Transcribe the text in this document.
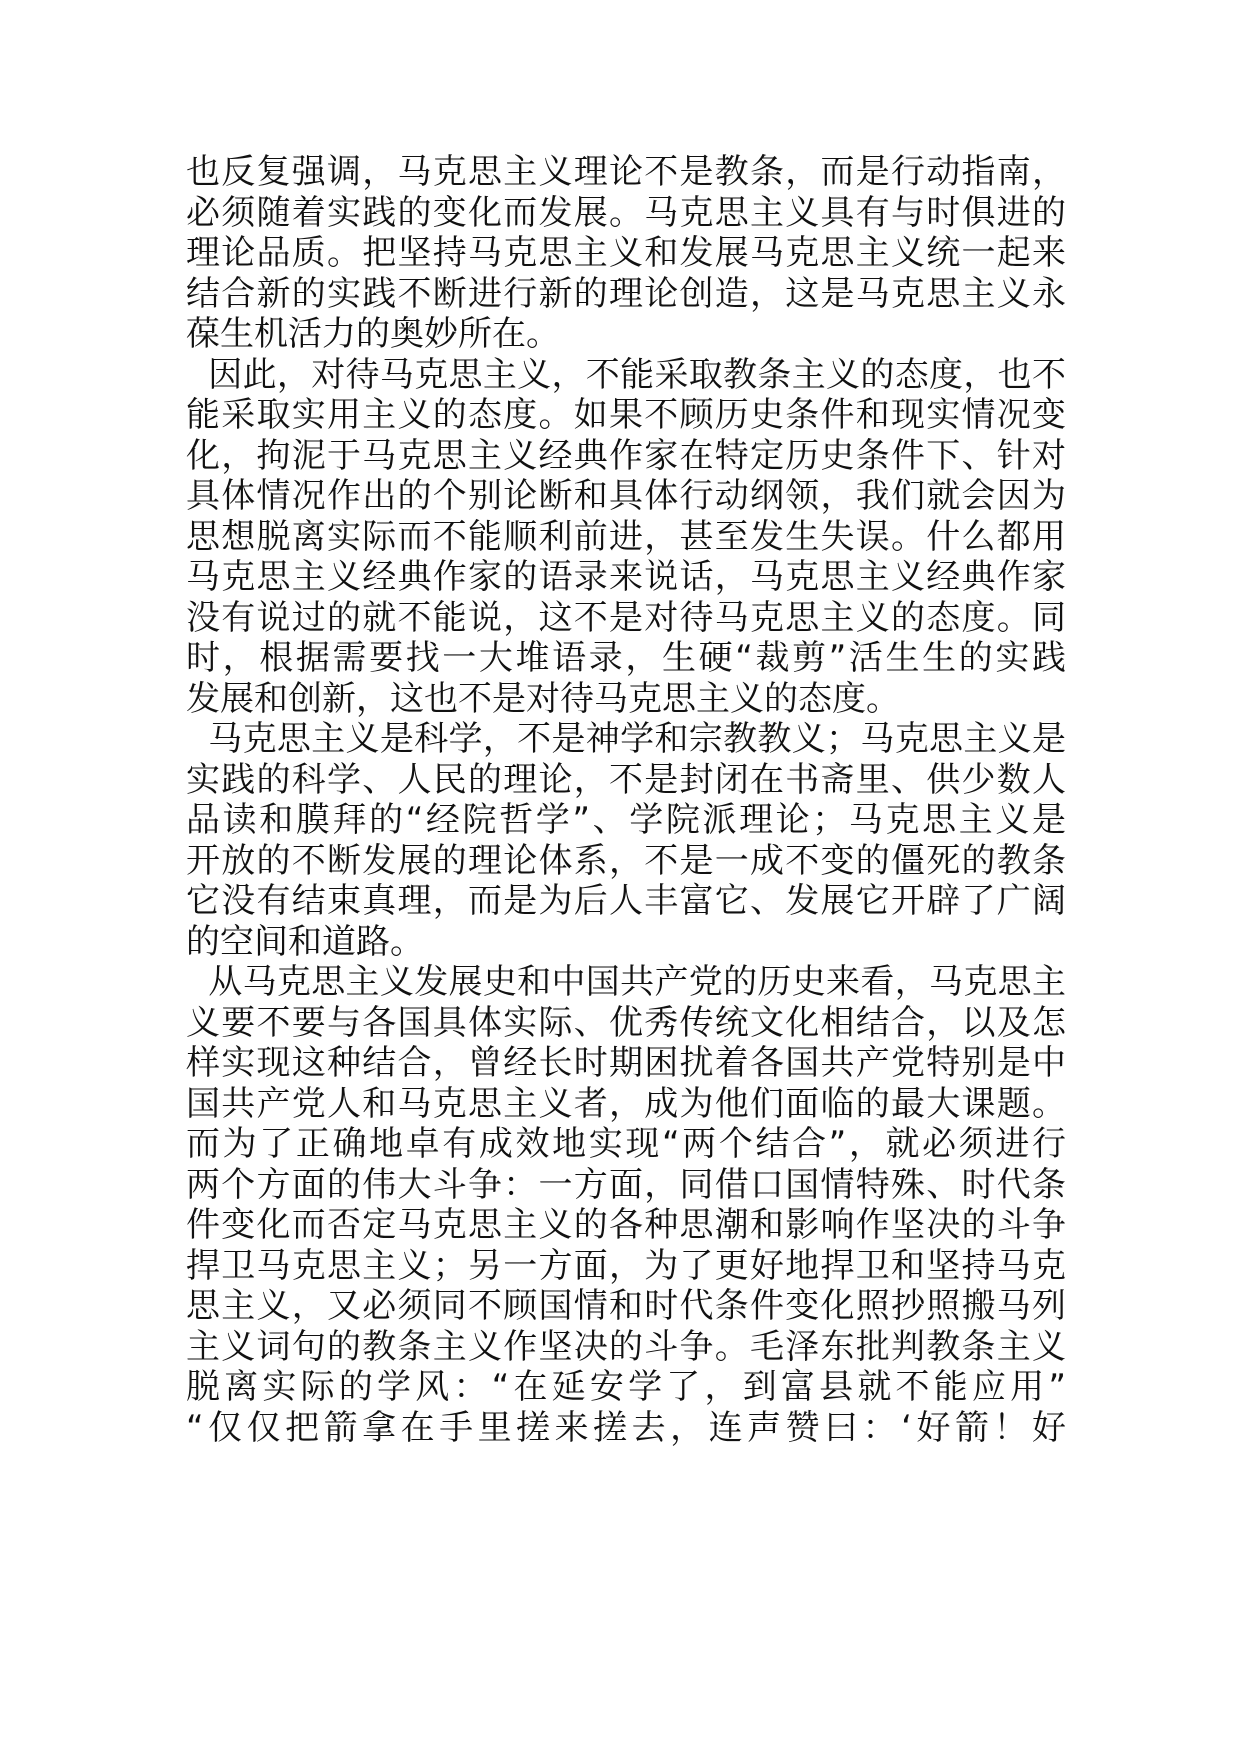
也反复强调，马克思主义理论不是教条，而是行动指南，
必须随着实践的变化而发展。马克思主义具有与时俱进的
理论品质。把坚持马克思主义和发展马克思主义统一起来
结合新的实践不断进行新的理论创造，这是马克思主义永
葆生机活力的奥妙所在。
因此，对待马克思主义，不能采取教条主义的态度，也不
能采取实用主义的态度。如果不顾历史条件和现实情况变
化，拘泥于马克思主义经典作家在特定历史条件下、针对
具体情况作出的个别论断和具体行动纲领，我们就会因为
思想脱离实际而不能顺利前进，甚至发生失误。什么都用
马克思主义经典作家的语录来说话，马克思主义经典作家
没有说过的就不能说，这不是对待马克思主义的态度。同
时，根据需要找一大堆语录，生硬“裁剪”活生生的实践
发展和创新，这也不是对待马克思主义的态度。
马克思主义是科学，不是神学和宗教教义；马克思主义是
实践的科学、人民的理论，不是封闭在书斋里、供少数人
品读和膜拜的“经院哲学”、学院派理论；马克思主义是
开放的不断发展的理论体系，不是一成不变的僵死的教条
它没有结束真理，而是为后人丰富它、发展它开辟了广阔
的空间和道路。
从马克思主义发展史和中国共产党的历史来看，马克思主
义要不要与各国具体实际、优秀传统文化相结合，以及怎
样实现这种结合，曾经长时期困扰着各国共产党特别是中
国共产党人和马克思主义者，成为他们面临的最大课题。
而为了正确地卓有成效地实现“两个结合”，就必须进行
两个方面的伟大斗争：一方面，同借口国情特殊、时代条
件变化而否定马克思主义的各种思潮和影响作坚决的斗争
捍卫马克思主义；另一方面，为了更好地捍卫和坚持马克
思主义，又必须同不顾国情和时代条件变化照抄照搬马列
主义词句的教条主义作坚决的斗争。毛泽东批判教条主义
脱离实际的学风：“在延安学了，到富县就不能应用”
“仅仅把箭拿在手里搓来搓去，连声赞曰：‘好箭！好
